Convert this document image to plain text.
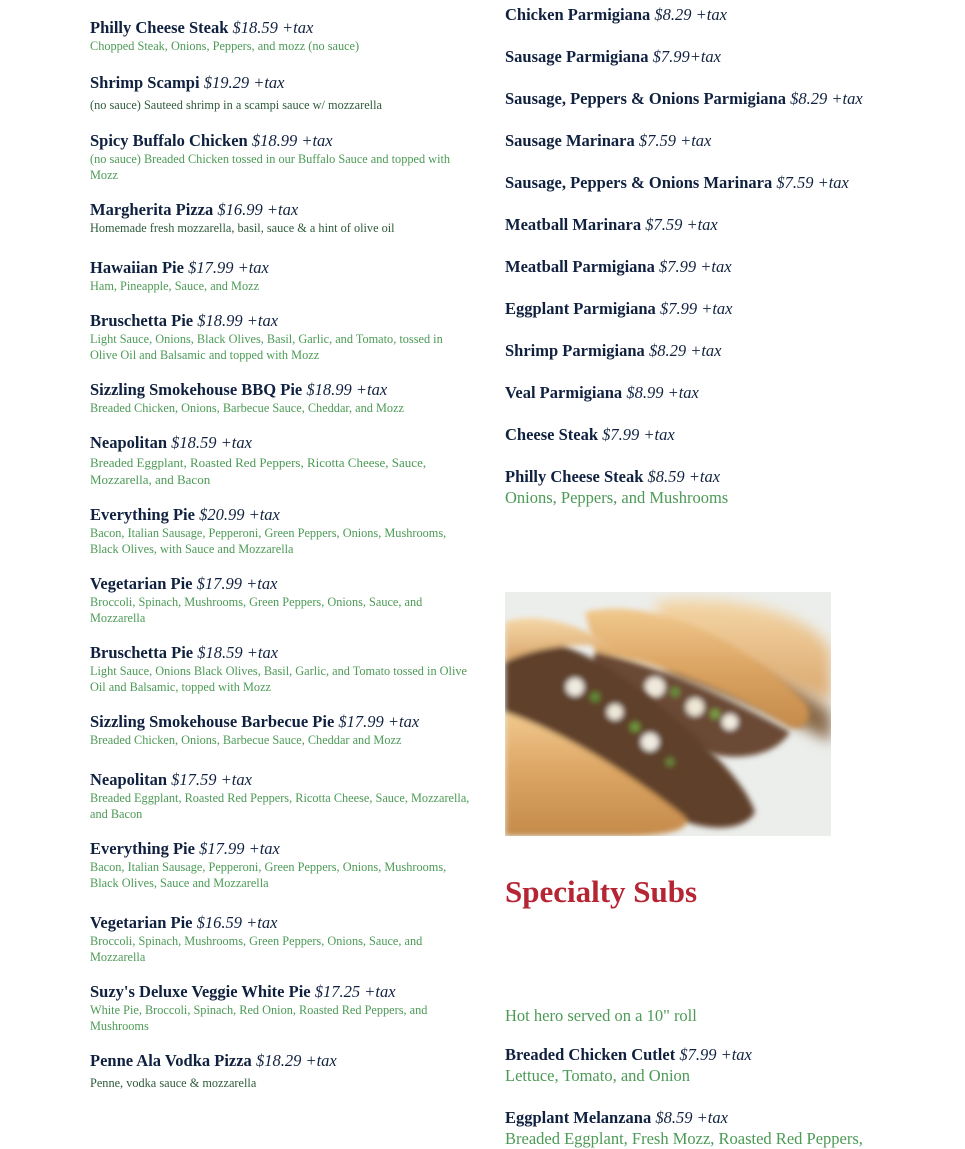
Philly Cheese Steak $18.59 +tax
Chopped Steak, Onions, Peppers, and mozz (no sauce)
Shrimp Scampi $19.29 +tax
(no sauce) Sauteed shrimp in a scampi sauce w/ mozzarella
Spicy Buffalo Chicken $18.99 +tax
(no sauce) Breaded Chicken tossed in our Buffalo Sauce and topped with Mozz
Margherita Pizza $16.99 +tax
Homemade fresh mozzarella, basil, sauce & a hint of olive oil
Hawaiian Pie $17.99 +tax
Ham, Pineapple, Sauce, and Mozz
Bruschetta Pie $18.99 +tax
Light Sauce, Onions, Black Olives, Basil, Garlic, and Tomato, tossed in Olive Oil and Balsamic and topped with Mozz
Sizzling Smokehouse BBQ Pie $18.99 +tax
Breaded Chicken, Onions, Barbecue Sauce, Cheddar, and Mozz
Neapolitan $18.59 +tax
Breaded Eggplant, Roasted Red Peppers, Ricotta Cheese, Sauce, Mozzarella, and Bacon
Everything Pie $20.99 +tax
Bacon, Italian Sausage, Pepperoni, Green Peppers, Onions, Mushrooms, Black Olives, with Sauce and Mozzarella
Vegetarian Pie $17.99 +tax
Broccoli, Spinach, Mushrooms, Green Peppers, Onions, Sauce, and Mozzarella
Bruschetta Pie $18.59 +tax
Light Sauce, Onions Black Olives, Basil, Garlic, and Tomato tossed in Olive Oil and Balsamic, topped with Mozz
Sizzling Smokehouse Barbecue Pie $17.99 +tax
Breaded Chicken, Onions, Barbecue Sauce, Cheddar and Mozz
Neapolitan $17.59 +tax
Breaded Eggplant, Roasted Red Peppers, Ricotta Cheese, Sauce, Mozzarella, and Bacon
Everything Pie $17.99 +tax
Bacon, Italian Sausage, Pepperoni, Green Peppers, Onions, Mushrooms, Black Olives, Sauce and Mozzarella
Vegetarian Pie $16.59 +tax
Broccoli, Spinach, Mushrooms, Green Peppers, Onions, Sauce, and Mozzarella
Suzy's Deluxe Veggie White Pie $17.25 +tax
White Pie, Broccoli, Spinach, Red Onion, Roasted Red Peppers, and Mushrooms
Penne Ala Vodka Pizza $18.29 +tax
Penne, vodka sauce & mozzarella
Chicken Parmigiana $8.29 +tax
Sausage Parmigiana $7.99+tax
Sausage, Peppers & Onions Parmigiana $8.29 +tax
Sausage Marinara $7.59 +tax
Sausage, Peppers & Onions Marinara $7.59 +tax
Meatball Marinara $7.59 +tax
Meatball Parmigiana $7.99 +tax
Eggplant Parmigiana $7.99 +tax
Shrimp Parmigiana $8.29 +tax
Veal Parmigiana $8.99 +tax
Cheese Steak $7.99 +tax
Philly Cheese Steak $8.59 +tax
Onions, Peppers, and Mushrooms
Specialty Subs
Hot hero served on a 10" roll
Breaded Chicken Cutlet $7.99 +tax
Lettuce, Tomato, and Onion
Eggplant Melanzana $8.59 +tax
Breaded Eggplant, Fresh Mozz, Roasted Red Peppers,
